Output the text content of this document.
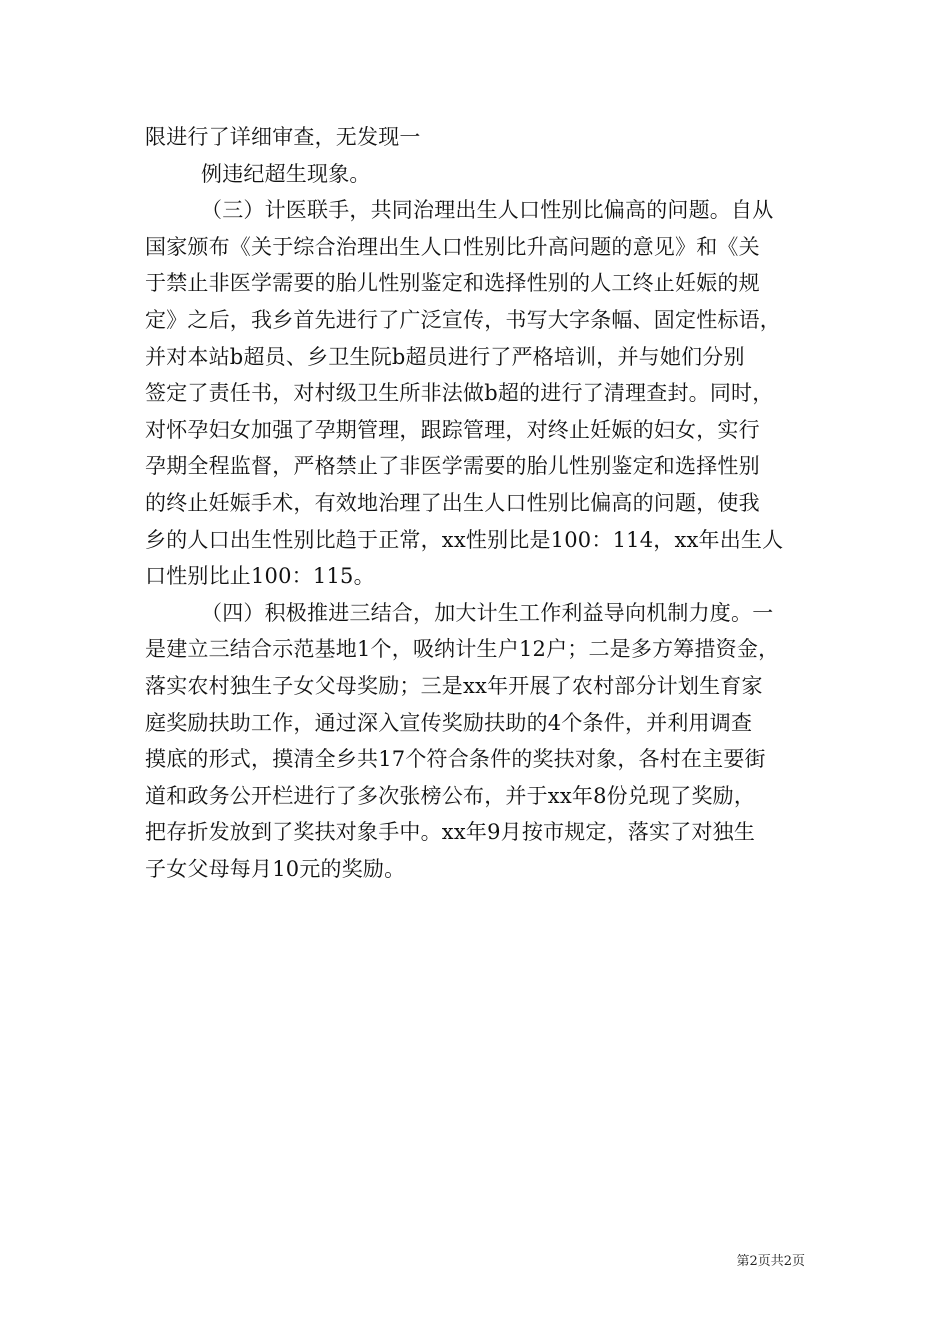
限进行了详细审查，无发现一
例违纪超生现象。
（三）计医联手，共同治理出生人口性别比偏高的问题。自从
国家颁布《关于综合治理出生人口性别比升高问题的意见》和《关
于禁止非医学需要的胎儿性别鉴定和选择性别的人工终止妊娠的规
定》之后，我乡首先进行了广泛宣传，书写大字条幅、固定性标语，
并对本站b超员、乡卫生阮b超员进行了严格培训，并与她们分别
签定了责任书，对村级卫生所非法做b超的进行了清理查封。同时，
对怀孕妇女加强了孕期管理，跟踪管理，对终止妊娠的妇女，实行
孕期全程监督，严格禁止了非医学需要的胎儿性别鉴定和选择性别
的终止妊娠手术，有效地治理了出生人口性别比偏高的问题，使我
乡的人口出生性别比趋于正常，xx性别比是100：114，xx年出生人
口性别比止100：115。
（四）积极推进三结合，加大计生工作利益导向机制力度。一
是建立三结合示范基地1个，吸纳计生户12户；二是多方筹措资金，
落实农村独生子女父母奖励；三是xx年开展了农村部分计划生育家
庭奖励扶助工作，通过深入宣传奖励扶助的4个条件，并利用调查
摸底的形式，摸清全乡共17个符合条件的奖扶对象，各村在主要街
道和政务公开栏进行了多次张榜公布，并于xx年8份兑现了奖励，
把存折发放到了奖扶对象手中。xx年9月按市规定，落实了对独生
子女父母每月10元的奖励。
第2页共2页
